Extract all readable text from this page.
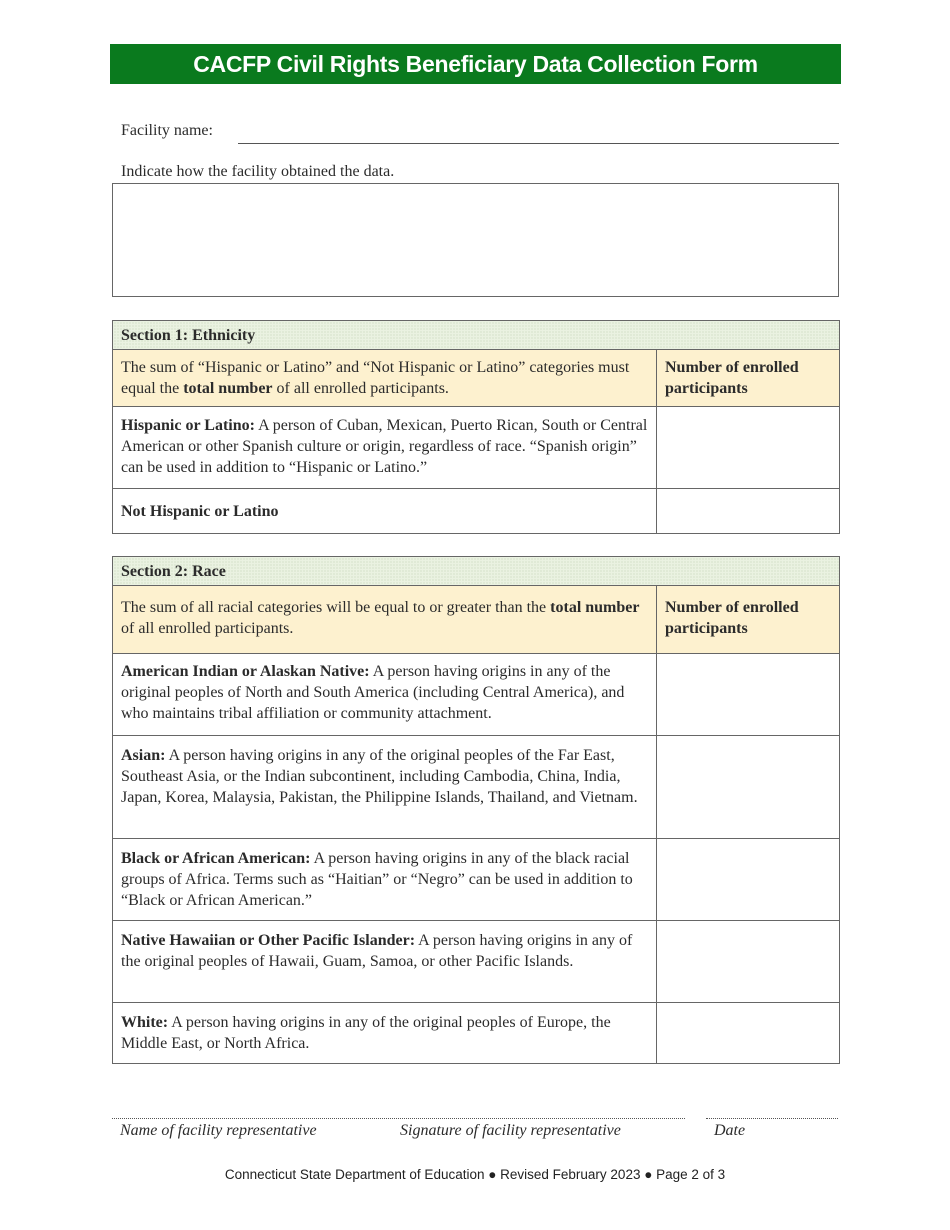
CACFP Civil Rights Beneficiary Data Collection Form
Facility name:
Indicate how the facility obtained the data.
Section 1: Ethnicity	
The sum of “Hispanic or Latino” and “Not Hispanic or Latino” categories must equal the total number of all enrolled participants.	Number of enrolled participants
Hispanic or Latino: A person of Cuban, Mexican, Puerto Rican, South or Central American or other Spanish culture or origin, regardless of race. “Spanish origin” can be used in addition to “Hispanic or Latino.”	
Not Hispanic or Latino	
Section 2: Race	
The sum of all racial categories will be equal to or greater than the total number of all enrolled participants.	Number of enrolled participants
American Indian or Alaskan Native: A person having origins in any of the original peoples of North and South America (including Central America), and who maintains tribal affiliation or community attachment.	
Asian: A person having origins in any of the original peoples of the Far East, Southeast Asia, or the Indian subcontinent, including Cambodia, China, India, Japan, Korea, Malaysia, Pakistan, the Philippine Islands, Thailand, and Vietnam.	
Black or African American: A person having origins in any of the black racial groups of Africa. Terms such as “Haitian” or “Negro” can be used in addition to “Black or African American.”	
Native Hawaiian or Other Pacific Islander: A person having origins in any of the original peoples of Hawaii, Guam, Samoa, or other Pacific Islands.	
White: A person having origins in any of the original peoples of Europe, the Middle East, or North Africa.	
Name of facility representative	Signature of facility representative	Date
Connecticut State Department of Education ● Revised February 2023 ● Page 2 of 3
